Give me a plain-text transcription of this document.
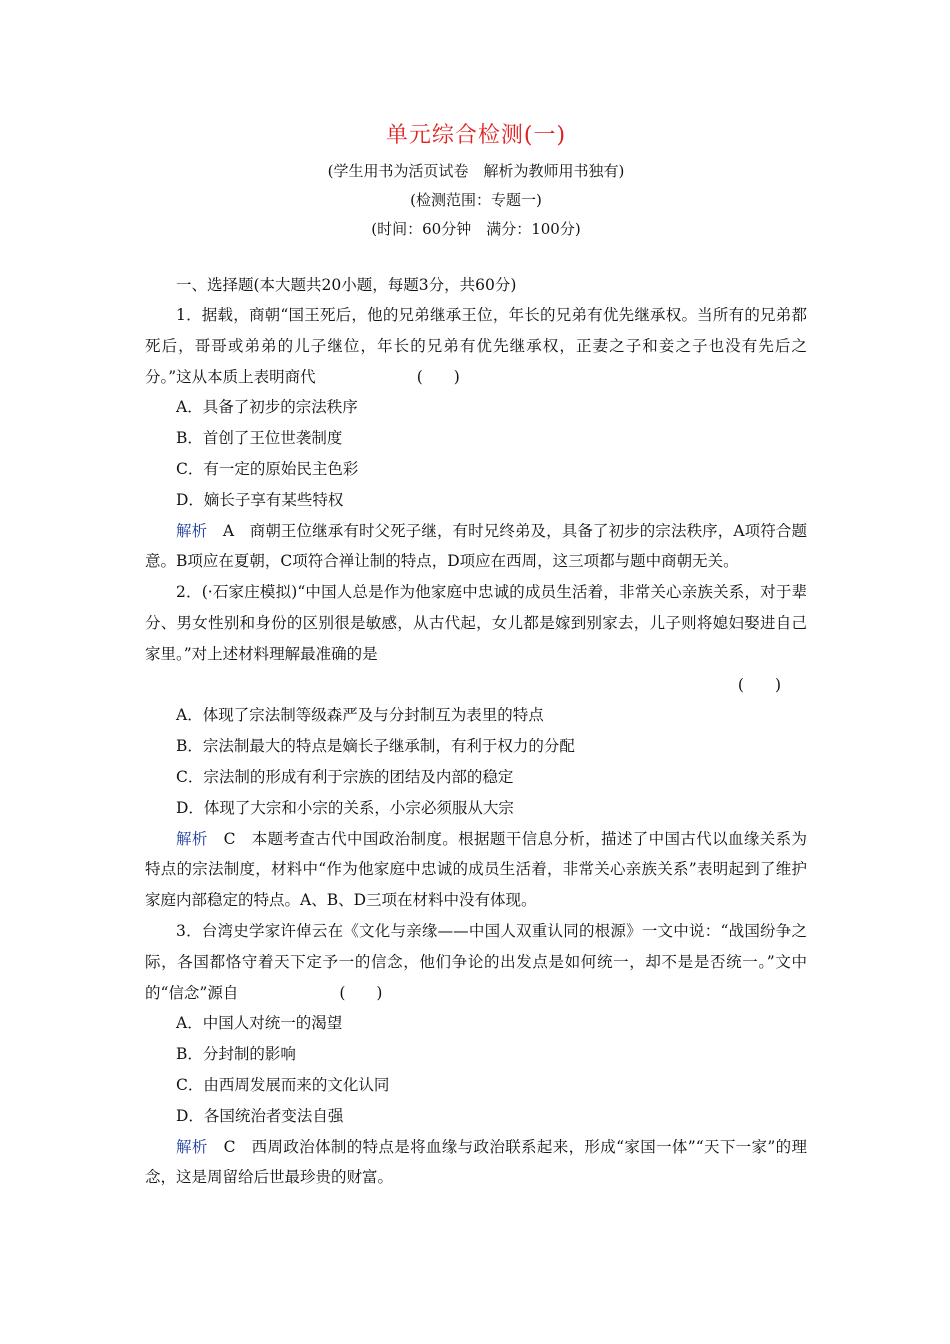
单元综合检测(一)
(学生用书为活页试卷　解析为教师用书独有)
(检测范围：专题一)
(时间：60分钟　满分：100分)
一、选择题(本大题共20小题，每题3分，共60分)
1．据载，商朝“国王死后，他的兄弟继承王位，年长的兄弟有优先继承权。当所有的兄弟都死后，哥哥或弟弟的儿子继位，年长的兄弟有优先继承权，正妻之子和妾之子也没有先后之分。”这从本质上表明商代	(　　)
A．具备了初步的宗法秩序
B．首创了王位世袭制度
C．有一定的原始民主色彩
D．嫡长子享有某些特权
解析　 A　商朝王位继承有时父死子继，有时兄终弟及，具备了初步的宗法秩序，A项符合题意。B项应在夏朝，C项符合禅让制的特点，D项应在西周，这三项都与题中商朝无关。
2．(·石家庄模拟)“中国人总是作为他家庭中忠诚的成员生活着，非常关心亲族关系，对于辈分、男女性别和身份的区别很是敏感，从古代起，女儿都是嫁到别家去，儿子则将媳妇娶进自己家里。”对上述材料理解最准确的是
(　　)
A．体现了宗法制等级森严及与分封制互为表里的特点
B．宗法制最大的特点是嫡长子继承制，有利于权力的分配
C．宗法制的形成有利于宗族的团结及内部的稳定
D．体现了大宗和小宗的关系，小宗必须服从大宗
解析　 C　本题考查古代中国政治制度。根据题干信息分析，描述了中国古代以血缘关系为特点的宗法制度，材料中“作为他家庭中忠诚的成员生活着，非常关心亲族关系”表明起到了维护家庭内部稳定的特点。A、B、D三项在材料中没有体现。
3．台湾史学家许倬云在《文化与亲缘——中国人双重认同的根源》一文中说：“战国纷争之际，各国都恪守着天下定予一的信念，他们争论的出发点是如何统一，却不是是否统一。”文中的“信念”源自	(　　)
A．中国人对统一的渴望
B．分封制的影响
C．由西周发展而来的文化认同
D．各国统治者变法自强
解析　 C　西周政治体制的特点是将血缘与政治联系起来，形成“家国一体”“天下一家”的理念，这是周留给后世最珍贵的财富。
